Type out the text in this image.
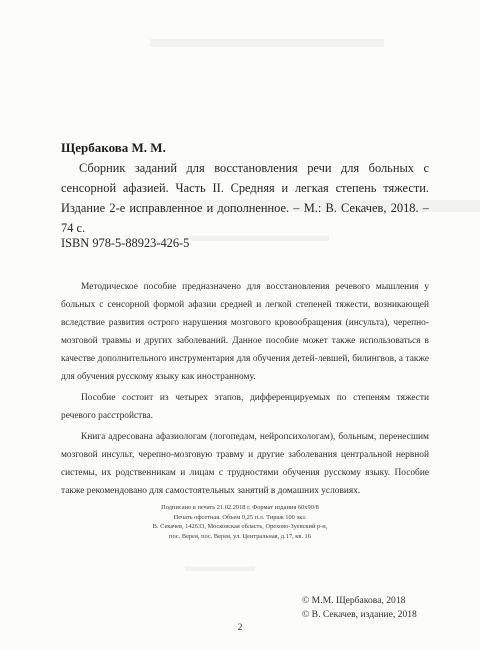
Щербакова М. М.
Сборник заданий для восстановления речи для больных с сенсорной афазией. Часть II. Средняя и легкая степень тяжести. Издание 2-е исправленное и дополненное. – М.: В. Секачев, 2018. – 74 с.
ISBN 978-5-88923-426-5

Методическое пособие предназначено для восстановления речевого мышления у больных с сенсорной формой афазии средней и легкой степеней тяжести, возникающей вследствие развития острого нарушения мозгового кровообращения (инсульта), черепно-мозговой травмы и других заболеваний. Данное пособие может также использоваться в качестве дополнительного инструментария для обучения детей-левшей, билингвов, а также для обучения русскому языку как иностранному.

Пособие состоит из четырех этапов, дифференцируемых по степеням тяжести речевого расстройства.

Книга адресована афазиологам (логопедам, нейропсихологам), больным, перенесшим мозговой инсульт, черепно-мозговую травму и другие заболевания центральной нервной системы, их родственникам и лицам с трудностями обучения русскому языку. Пособие также рекомендовано для самостоятельных занятий в домашних условиях.

Подписано в печать 21.02.2018 г. Формат издания 60х90/8
Печать офсетная. Объем 9,25 п.л. Тираж 100 экз.
В. Секачев, 142633, Московская область, Орехово-Зуевский р-н,
пос. Верея, пос. Верея, ул. Центральная, д.17, кв. 16
© М.М. Щербакова, 2018
© В. Секачев, издание, 2018
2
